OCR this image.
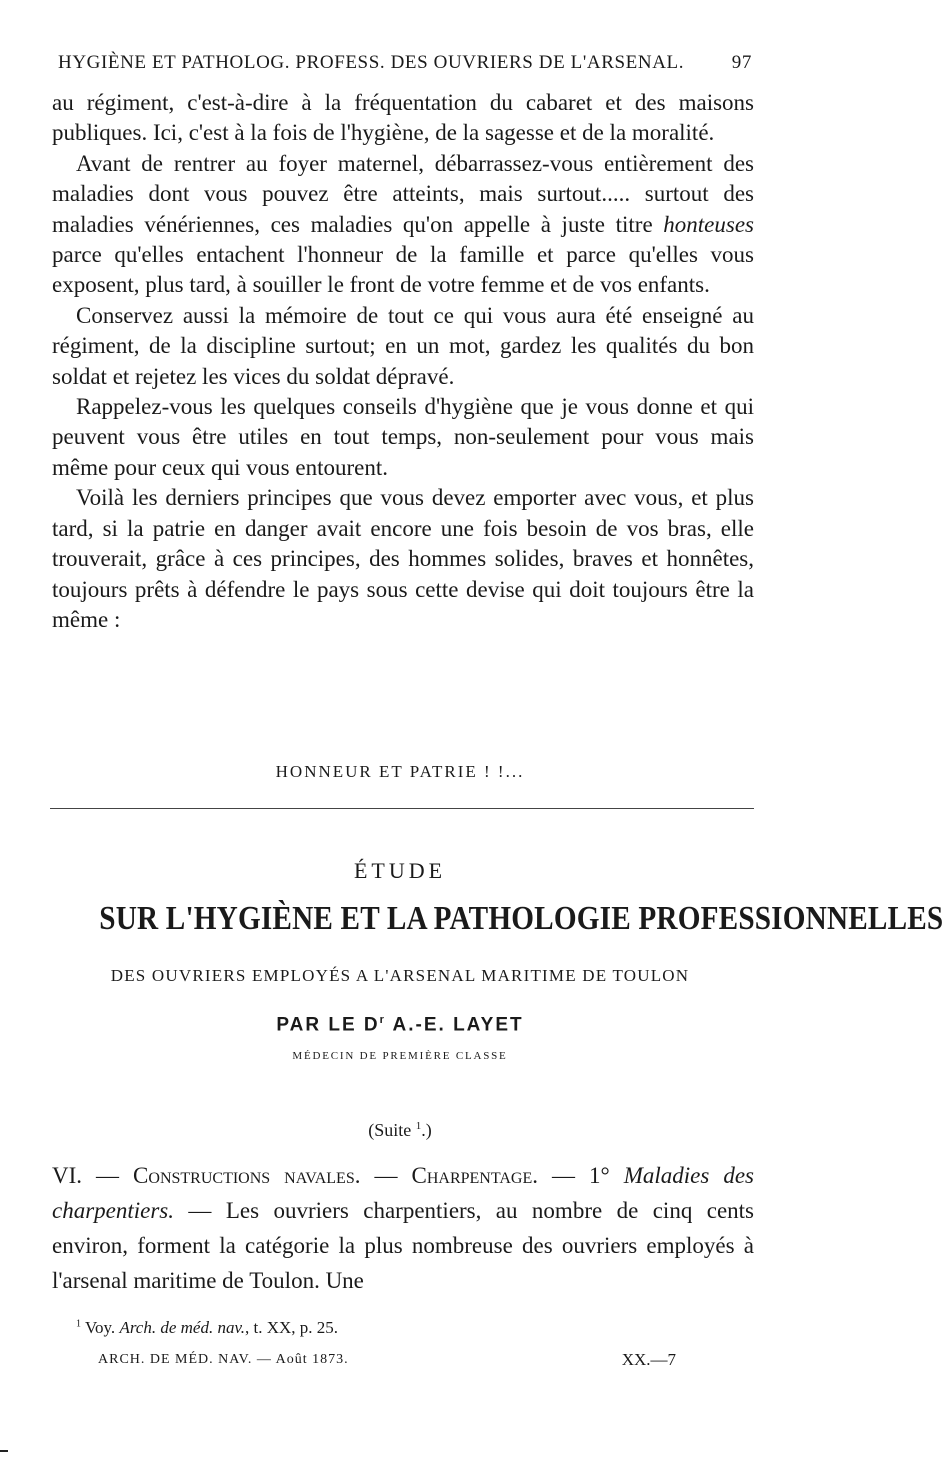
HYGIÈNE ET PATHOLOG. PROFESS. DES OUVRIERS DE L'ARSENAL.	97

au régiment, c'est-à-dire à la fréquentation du cabaret et des maisons publiques. Ici, c'est à la fois de l'hygiène, de la sagesse et de la moralité.

Avant de rentrer au foyer maternel, débarrassez-vous entièrement des maladies dont vous pouvez être atteints, mais surtout..... surtout des maladies vénériennes, ces maladies qu'on appelle à juste titre honteuses parce qu'elles entachent l'honneur de la famille et parce qu'elles vous exposent, plus tard, à souiller le front de votre femme et de vos enfants.

Conservez aussi la mémoire de tout ce qui vous aura été enseigné au régiment, de la discipline surtout; en un mot, gardez les qualités du bon soldat et rejetez les vices du soldat dépravé.

Rappelez-vous les quelques conseils d'hygiène que je vous donne et qui peuvent vous être utiles en tout temps, non-seulement pour vous mais même pour ceux qui vous entourent.

Voilà les derniers principes que vous devez emporter avec vous, et plus tard, si la patrie en danger avait encore une fois besoin de vos bras, elle trouverait, grâce à ces principes, des hommes solides, braves et honnêtes, toujours prêts à défendre le pays sous cette devise qui doit toujours être la même :

HONNEUR ET PATRIE ! !...
ÉTUDE
SUR L'HYGIÈNE ET LA PATHOLOGIE PROFESSIONNELLES
DES OUVRIERS EMPLOYÉS A L'ARSENAL MARITIME DE TOULON
PAR LE $D^r$ A.-E. LAYET
MÉDECIN DE PREMIÈRE CLASSE
(Suite $^1$.)

VI. — Constructions navales. — Charpentage. — 1° Maladies des charpentiers. — Les ouvriers charpentiers, au nombre de cinq cents environ, forment la catégorie la plus nombreuse des ouvriers employés à l'arsenal maritime de Toulon. Une

$^1$ Voy. Arch. de méd. nav., t. XX, p. 25.
ARCH. DE MÉD. NAV. — Août 1873.	XX.—7
